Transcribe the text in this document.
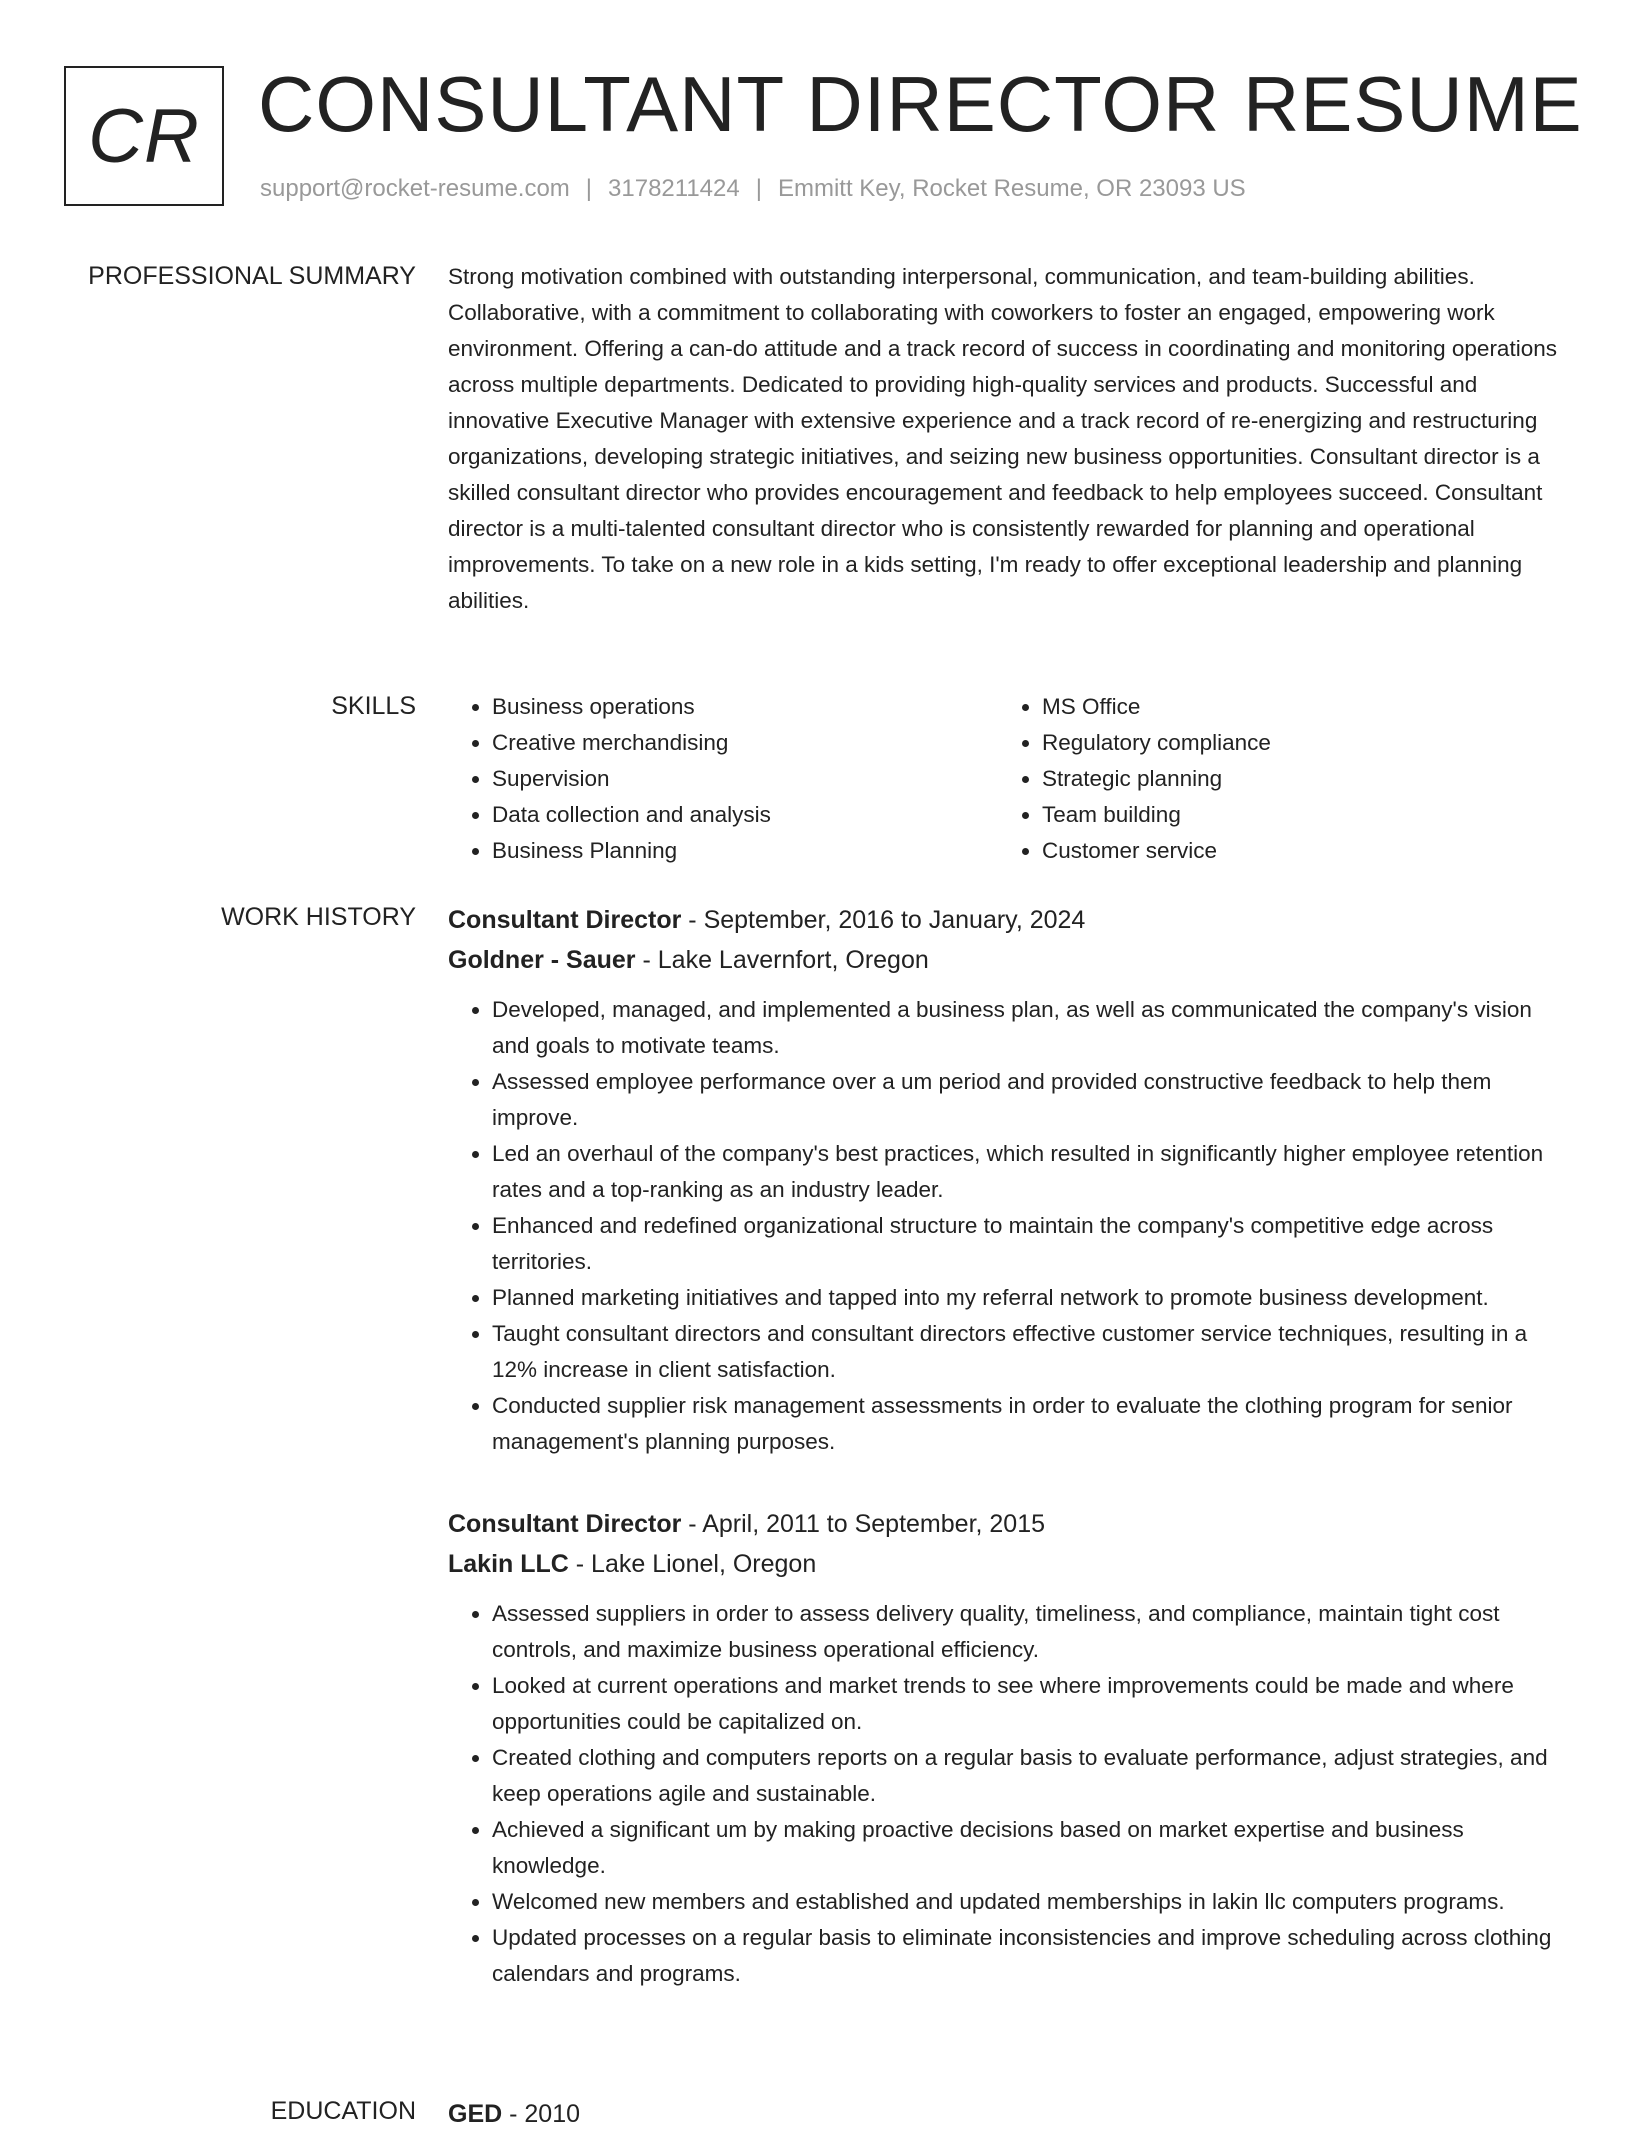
CR CONSULTANT DIRECTOR RESUME
support@rocket-resume.com | 3178211424 | Emmitt Key, Rocket Resume, OR 23093 US
PROFESSIONAL SUMMARY Strong motivation combined with outstanding interpersonal, communication, and team-building abilities. Collaborative, with a commitment to collaborating with coworkers to foster an engaged, empowering work environment. Offering a can-do attitude and a track record of success in coordinating and monitoring operations across multiple departments. Dedicated to providing high-quality services and products. Successful and innovative Executive Manager with extensive experience and a track record of re-energizing and restructuring organizations, developing strategic initiatives, and seizing new business opportunities. Consultant director is a skilled consultant director who provides encouragement and feedback to help employees succeed. Consultant director is a multi-talented consultant director who is consistently rewarded for planning and operational improvements. To take on a new role in a kids setting, I'm ready to offer exceptional leadership and planning abilities.

SKILLS
•	Business operations
• Creative merchandising
• Supervision
• Data collection and analysis
• Business Planning
• MS Office
• Regulatory compliance
• Strategic planning
• Team building
• Customer service
WORK HISTORY Consultant Director - September, 2016 to January, 2024
Goldner - Sauer - Lake Lavernfort, Oregon
• Developed, managed, and implemented a business plan, as well as communicated the company's vision and goals to motivate teams.
• Assessed employee performance over a um period and provided constructive feedback to help them improve.
• Led an overhaul of the company's best practices, which resulted in significantly higher employee retention rates and a top-ranking as an industry leader.
• Enhanced and redefined organizational structure to maintain the company's competitive edge across territories.
• Planned marketing initiatives and tapped into my referral network to promote business development.
• Taught consultant directors and consultant directors effective customer service techniques, resulting in a 12% increase in client satisfaction.
• Conducted supplier risk management assessments in order to evaluate the clothing program for senior management's planning purposes.
Consultant Director - April, 2011 to September, 2015
Lakin LLC - Lake Lionel, Oregon
• Assessed suppliers in order to assess delivery quality, timeliness, and compliance, maintain tight cost controls, and maximize business operational efficiency.
• Looked at current operations and market trends to see where improvements could be made and where opportunities could be capitalized on.
• Created clothing and computers reports on a regular basis to evaluate performance, adjust strategies, and keep operations agile and sustainable.
• Achieved a significant um by making proactive decisions based on market expertise and business knowledge.
• Welcomed new members and established and updated memberships in lakin llc computers programs.
• Updated processes on a regular basis to eliminate inconsistencies and improve scheduling across clothing calendars and programs.
EDUCATION GED - 2010
